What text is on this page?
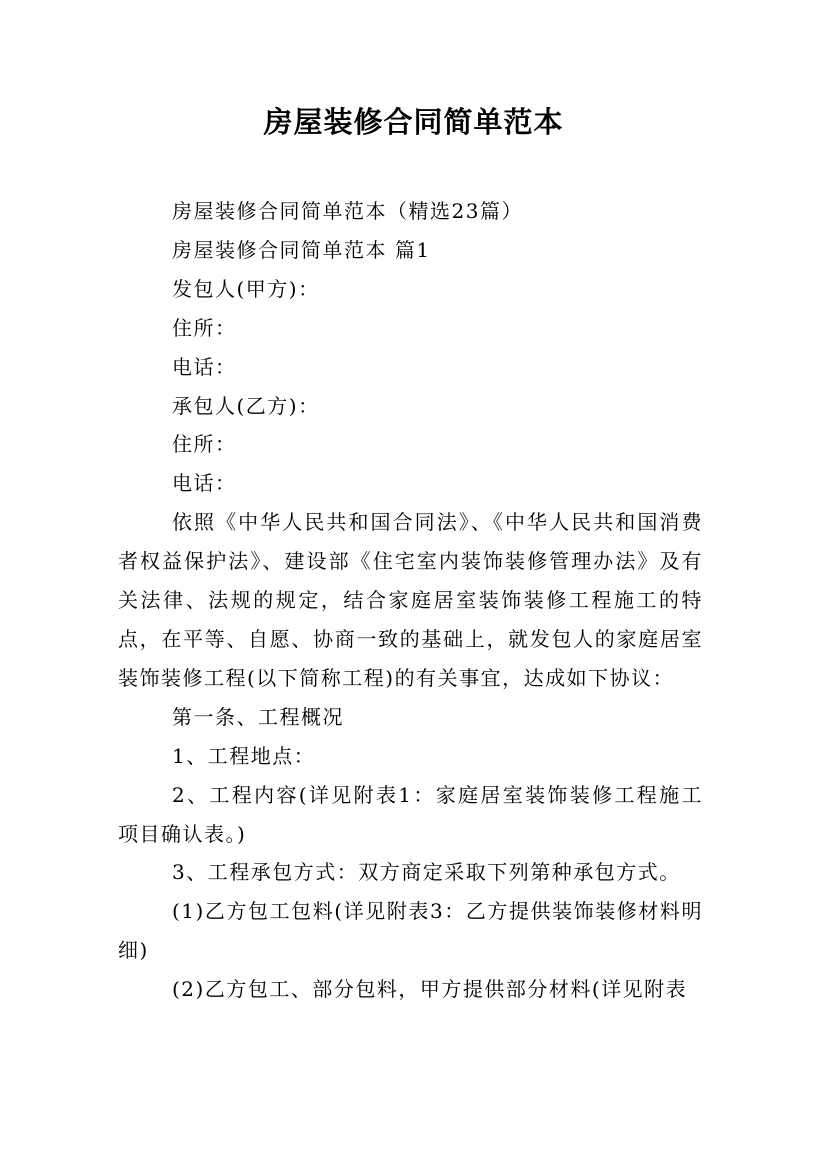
房屋装修合同简单范本

房屋装修合同简单范本（精选23篇）

房屋装修合同简单范本 篇1

发包人(甲方)：

住所：

电话：

承包人(乙方)：

住所：

电话：

依照《中华人民共和国合同法》、《中华人民共和国消费者权益保护法》、建设部《住宅室内装饰装修管理办法》及有关法律、法规的规定，结合家庭居室装饰装修工程施工的特点，在平等、自愿、协商一致的基础上，就发包人的家庭居室装饰装修工程(以下简称工程)的有关事宜，达成如下协议：

第一条、工程概况

1、工程地点：

2、工程内容(详见附表1：家庭居室装饰装修工程施工项目确认表。)

3、工程承包方式：双方商定采取下列第种承包方式。

(1)乙方包工包料(详见附表3：乙方提供装饰装修材料明细)

(2)乙方包工、部分包料，甲方提供部分材料(详见附表
